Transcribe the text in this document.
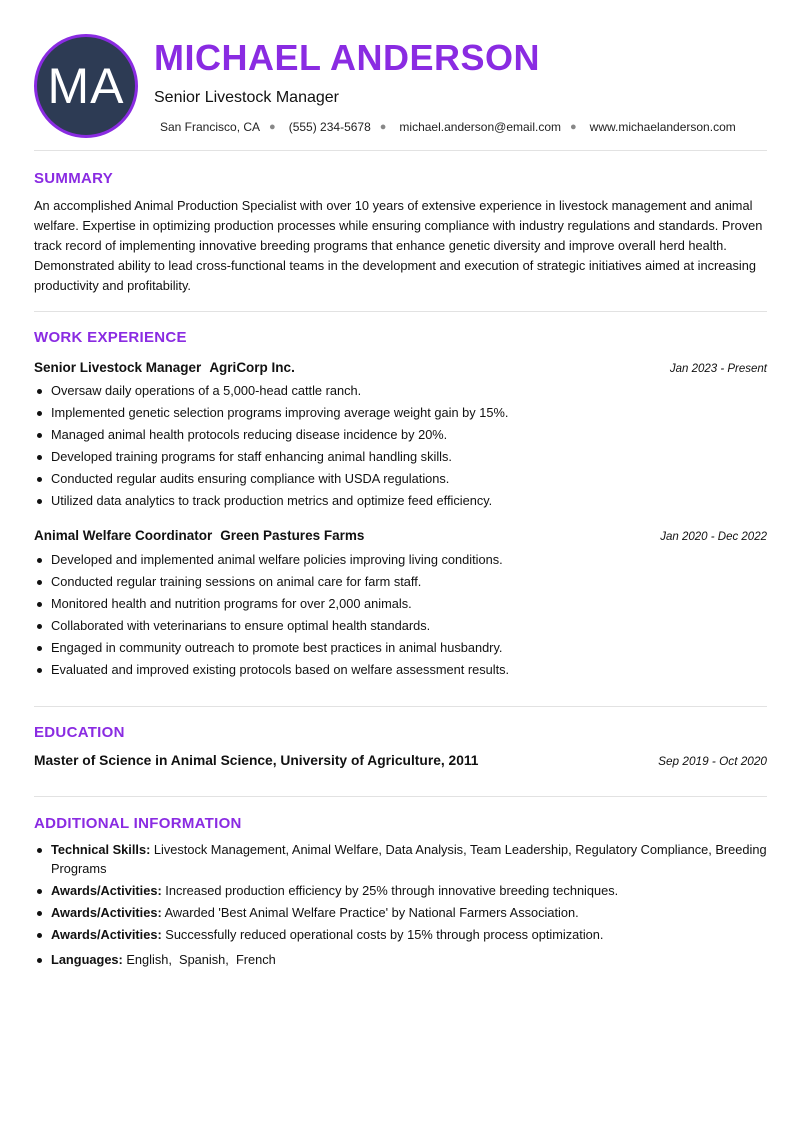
MA
MICHAEL ANDERSON
Senior Livestock Manager
San Francisco, CA ● (555) 234-5678 ● michael.anderson@email.com ● www.michaelanderson.com
SUMMARY

An accomplished Animal Production Specialist with over 10 years of extensive experience in livestock management and animal welfare. Expertise in optimizing production processes while ensuring compliance with industry regulations and standards. Proven track record of implementing innovative breeding programs that enhance genetic diversity and improve overall herd health. Demonstrated ability to lead cross-functional teams in the development and execution of strategic initiatives aimed at increasing productivity and profitability.

WORK EXPERIENCE
Senior Livestock Manager AgriCorp Inc.	Jan 2023 - Present
Oversaw daily operations of a 5,000-head cattle ranch.
Implemented genetic selection programs improving average weight gain by 15%.
Managed animal health protocols reducing disease incidence by 20%.
Developed training programs for staff enhancing animal handling skills.
Conducted regular audits ensuring compliance with USDA regulations.
Utilized data analytics to track production metrics and optimize feed efficiency.
Animal Welfare Coordinator Green Pastures Farms	Jan 2020 - Dec 2022
Developed and implemented animal welfare policies improving living conditions.
Conducted regular training sessions on animal care for farm staff.
Monitored health and nutrition programs for over 2,000 animals.
Collaborated with veterinarians to ensure optimal health standards.
Engaged in community outreach to promote best practices in animal husbandry.
Evaluated and improved existing protocols based on welfare assessment results.
EDUCATION
Master of Science in Animal Science, University of Agriculture, 2011	Sep 2019 - Oct 2020
ADDITIONAL INFORMATION
Technical Skills: Livestock Management, Animal Welfare, Data Analysis, Team Leadership, Regulatory Compliance, Breeding Programs
Awards/Activities: Increased production efficiency by 25% through innovative breeding techniques.
Awards/Activities: Awarded 'Best Animal Welfare Practice' by National Farmers Association.
Awards/Activities: Successfully reduced operational costs by 15% through process optimization.
Languages: English,  Spanish,  French
